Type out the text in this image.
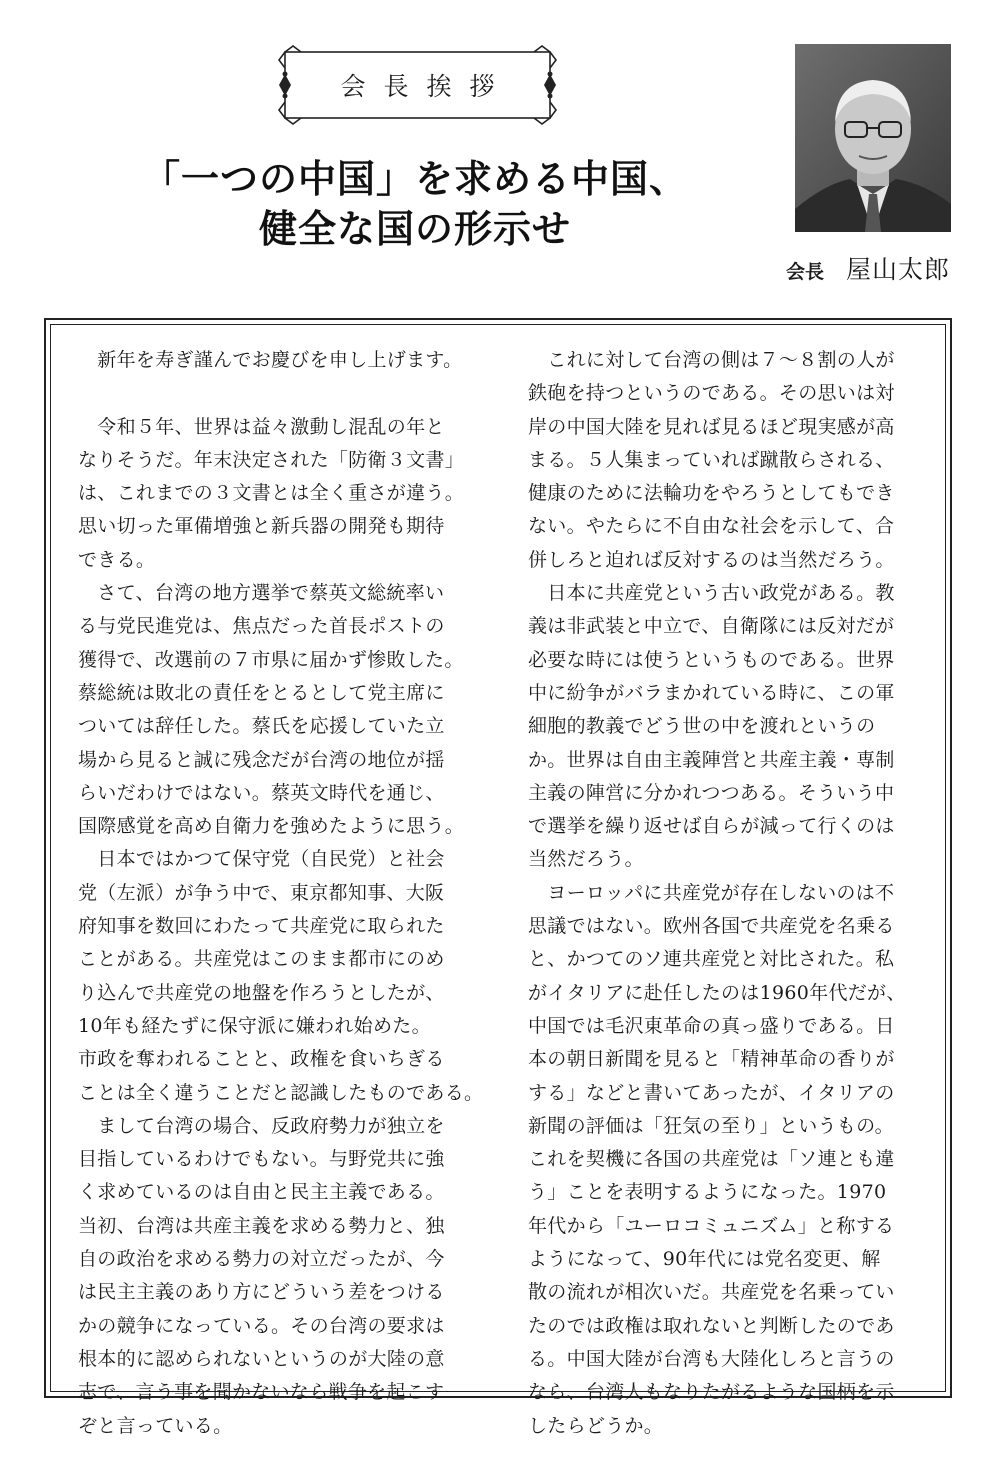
会長挨拶
「一つの中国」を求める中国、
健全な国の形示せ
会長 屋山太郎

　新年を寿ぎ謹んでお慶びを申し上げます。

　令和５年、世界は益々激動し混乱の年と

なりそうだ。年末決定された「防衛３文書」

は、これまでの３文書とは全く重さが違う。

思い切った軍備増強と新兵器の開発も期待

できる。

　さて、台湾の地方選挙で蔡英文総統率い

る与党民進党は、焦点だった首長ポストの

獲得で、改選前の７市県に届かず惨敗した。

蔡総統は敗北の責任をとるとして党主席に

ついては辞任した。蔡氏を応援していた立

場から見ると誠に残念だが台湾の地位が揺

らいだわけではない。蔡英文時代を通じ、

国際感覚を高め自衛力を強めたように思う。

　日本ではかつて保守党（自民党）と社会

党（左派）が争う中で、東京都知事、大阪

府知事を数回にわたって共産党に取られた

ことがある。共産党はこのまま都市にのめ

り込んで共産党の地盤を作ろうとしたが、

10年も経たずに保守派に嫌われ始めた。

市政を奪われることと、政権を食いちぎる

ことは全く違うことだと認識したものである。

　まして台湾の場合、反政府勢力が独立を

目指しているわけでもない。与野党共に強

く求めているのは自由と民主主義である。

当初、台湾は共産主義を求める勢力と、独

自の政治を求める勢力の対立だったが、今

は民主主義のあり方にどういう差をつける

かの競争になっている。その台湾の要求は

根本的に認められないというのが大陸の意

志で、言う事を聞かないなら戦争を起こす

ぞと言っている。

　これに対して台湾の側は７～８割の人が

鉄砲を持つというのである。その思いは対

岸の中国大陸を見れば見るほど現実感が高

まる。５人集まっていれば蹴散らされる、

健康のために法輪功をやろうとしてもでき

ない。やたらに不自由な社会を示して、合

併しろと迫れば反対するのは当然だろう。

　日本に共産党という古い政党がある。教

義は非武装と中立で、自衛隊には反対だが

必要な時には使うというものである。世界

中に紛争がバラまかれている時に、この軍

細胞的教義でどう世の中を渡れというの

か。世界は自由主義陣営と共産主義・専制

主義の陣営に分かれつつある。そういう中

で選挙を繰り返せば自らが減って行くのは

当然だろう。

　ヨーロッパに共産党が存在しないのは不

思議ではない。欧州各国で共産党を名乗る

と、かつてのソ連共産党と対比された。私

がイタリアに赴任したのは1960年代だが、

中国では毛沢東革命の真っ盛りである。日

本の朝日新聞を見ると「精神革命の香りが

する」などと書いてあったが、イタリアの

新聞の評価は「狂気の至り」というもの。

これを契機に各国の共産党は「ソ連とも違

う」ことを表明するようになった。1970

年代から「ユーロコミュニズム」と称する

ようになって、90年代には党名変更、解

散の流れが相次いだ。共産党を名乗ってい

たのでは政権は取れないと判断したのであ

る。中国大陸が台湾も大陸化しろと言うの

なら、台湾人もなりたがるような国柄を示

したらどうか。
